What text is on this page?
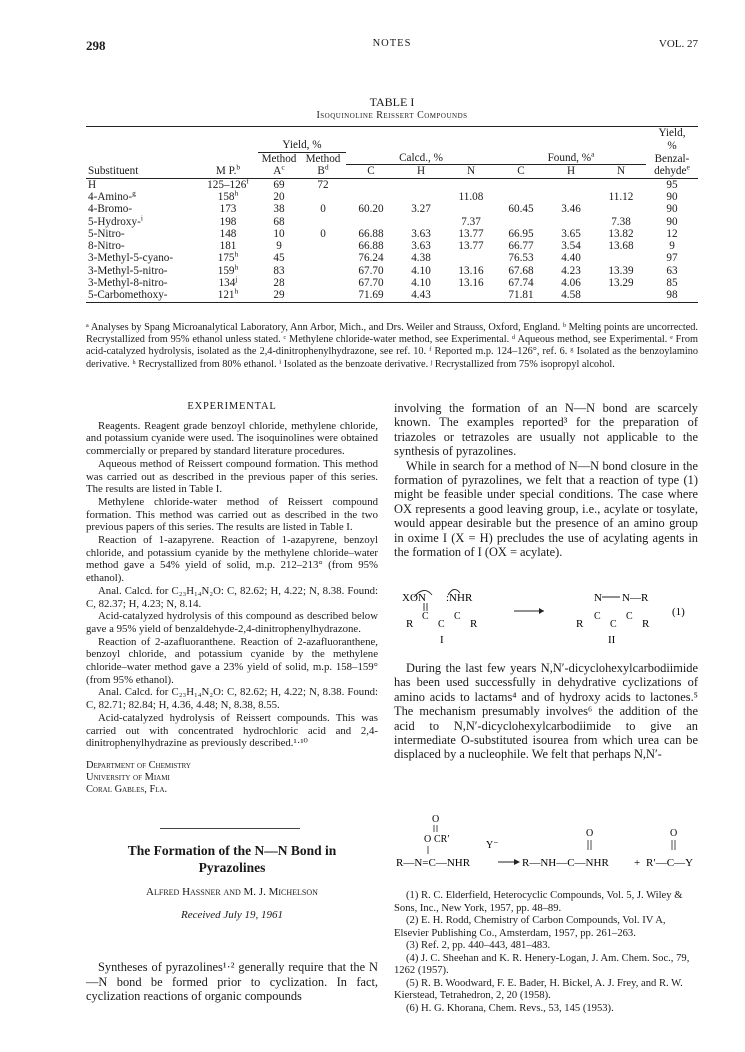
298	NOTES	VOL. 27
TABLE I
Isoquinoline Reissert Compounds
										Yield,
		Yield, %								%
		Method	Method	Calcd., %			Found, %$^a$			Benzal-
Substituent	M P.$^b$	$A^c$	$B^d$	C	H	N	C	H	N	dehyde$^e$
H	125–126$^f$	69	72							95
4-Amino-$^g$	158$^h$	20				11.08			11.12	90
4-Bromo-	173	38	0	60.20	3.27		60.45	3.46		90
5-Hydroxy-$^i$	198	68				7.37			7.38	90
5-Nitro-	148	10	0	66.88	3.63	13.77	66.95	3.65	13.82	12
8-Nitro-	181	9		66.88	3.63	13.77	66.77	3.54	13.68	9
3-Methyl-5-cyano-	175$^h$	45		76.24	4.38		76.53	4.40		97
3-Methyl-5-nitro-	159$^h$	83		67.70	4.10	13.16	67.68	4.23	13.39	63
3-Methyl-8-nitro-	134$^j$	28		67.70	4.10	13.16	67.74	4.06	13.29	85
5-Carbomethoxy-	121$^h$	29		71.69	4.43		71.81	4.58		98
ᵃ Analyses by Spang Microanalytical Laboratory, Ann Arbor, Mich., and Drs. Weiler and Strauss, Oxford, England. ᵇ Melting points are uncorrected. Recrystallized from 95% ethanol unless stated. ᶜ Methylene chloride-water method, see Experimental. ᵈ Aqueous method, see Experimental. ᵉ From acid-catalyzed hydrolysis, isolated as the 2,4-dinitrophenylhydrazone, see ref. 10. ᶠ Reported m.p. 124–126°, ref. 6. ᵍ Isolated as the benzoylamino derivative. ʰ Recrystallized from 80% ethanol. ⁱ Isolated as the benzoate derivative. ʲ Recrystallized from 75% isopropyl alcohol.

EXPERIMENTAL

Reagents. Reagent grade benzoyl chloride, methylene chloride, and potassium cyanide were used. The isoquinolines were obtained commercially or prepared by standard literature procedures.

Aqueous method of Reissert compound formation. This method was carried out as described in the previous paper of this series. The results are listed in Table I.

Methylene chloride-water method of Reissert compound formation. This method was carried out as described in the two previous papers of this series. The results are listed in Table I.

Reaction of 1-azapyrene. Reaction of 1-azapyrene, benzoyl chloride, and potassium cyanide by the methylene chloride–water method gave a 54% yield of solid, m.p. 212–213° (from 95% ethanol).

Anal. Calcd. for C₂₃H₁₄N₂O: C, 82.62; H, 4.22; N, 8.38. Found: C, 82.37; H, 4.23; N, 8.14.

Acid-catalyzed hydrolysis of this compound as described below gave a 95% yield of benzaldehyde-2,4-dinitrophenylhydrazone.

Reaction of 2-azafluoranthene. Reaction of 2-azafluoranthene, benzoyl chloride, and potassium cyanide by the methylene chloride–water method gave a 23% yield of solid, m.p. 158–159° (from 95% ethanol).

Anal. Calcd. for C₂₃H₁₄N₂O: C, 82.62; H, 4.22; N, 8.38. Found: C, 82.71; 82.84; H, 4.36, 4.48; N, 8.38, 8.55.

Acid-catalyzed hydrolysis of Reissert compounds. This was carried out with concentrated hydrochloric acid and 2,4-dinitrophenylhydrazine as previously described.¹·¹⁰

Department of Chemistry
University of Miami
Coral Gables, Fla.
The Formation of the N—N Bond in
Pyrazolines
Alfred Hassner and M. J. Michelson
Received July 19, 1961

Syntheses of pyrazolines¹·² generally require that the N—N bond be formed prior to cyclization. In fact, cyclization reactions of organic compounds

involving the formation of an N—N bond are scarcely known. The examples reported³ for the preparation of triazoles or tetrazoles are usually not applicable to the synthesis of pyrazolines.

While in search for a method of N—N bond closure in the formation of pyrazolines, we felt that a reaction of type (1) might be feasible under special conditions. The case where OX represents a good leaving group, i.e., acylate or tosylate, would appear desirable but the presence of an amino group in oxime I (X = H) precludes the use of acylating agents in the formation of I (OX = acylate).

XO N :NHR
R
C
C
C
R
I
N N—R
R
C
C
C
R
II
(1)

During the last few years N,N′-dicyclohexylcarbodiimide has been used successfully in dehydrative cyclizations of amino acids to lactams⁴ and of hydroxy acids to lactones.⁵ The mechanism presumably involves⁶ the addition of the acid to N,N′-dicyclohexylcarbodiimide to give an intermediate O-substituted isourea from which urea can be displaced by a nucleophile. We felt that perhaps N,N′-

O
O CR′
Y⁻
R—N=C—NHR
O
R—NH—C—NHR +
O
R′—C—Y

(1) R. C. Elderfield, Heterocyclic Compounds, Vol. 5, J. Wiley & Sons, Inc., New York, 1957, pp. 48–89.

(2) E. H. Rodd, Chemistry of Carbon Compounds, Vol. IV A, Elsevier Publishing Co., Amsterdam, 1957, pp. 261–263.

(3) Ref. 2, pp. 440–443, 481–483.

(4) J. C. Sheehan and K. R. Henery-Logan, J. Am. Chem. Soc., 79, 1262 (1957).

(5) R. B. Woodward, F. E. Bader, H. Bickel, A. J. Frey, and R. W. Kierstead, Tetrahedron, 2, 20 (1958).

(6) H. G. Khorana, Chem. Revs., 53, 145 (1953).
